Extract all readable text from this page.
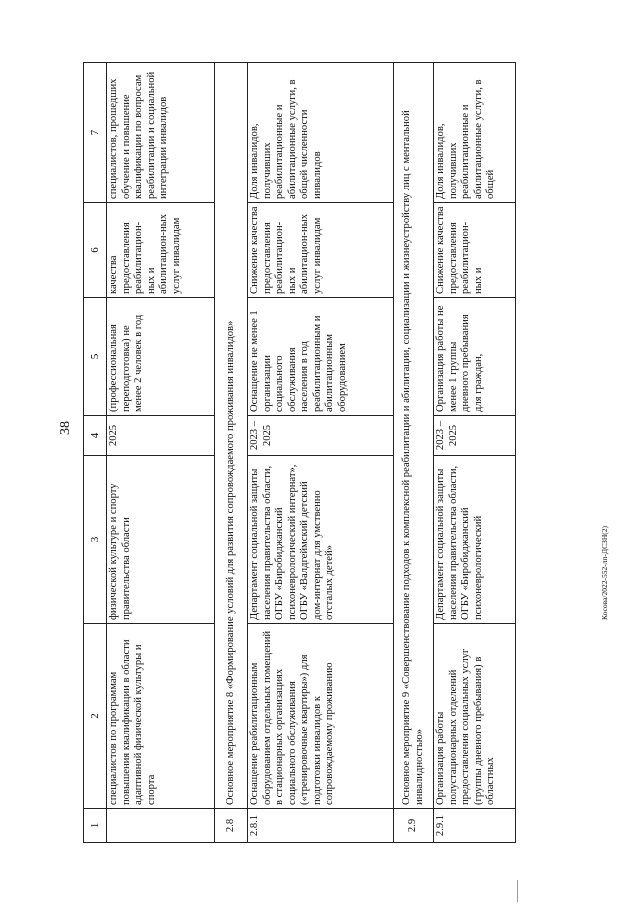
38
Косова/2022-552-лп-ДСЗН(2)
1	2	3	4	5	6	7
	специалистов по программам повышения квалификации в области адаптивной физической культуры и спорта	физической культуре и спорту правительства области	2025	(профессиональная переподготовка) не менее 2 человек в год	качества предоставления реабилитацион-ных и абилитацион-ных услуг инвалидам	специалистов, прошедших обучение и повышение квалификации по вопросам реабилитации и социальной интеграции инвалидов
2.8	Основное мероприятие 8 «Формирование условий для развития сопровождаемого проживания инвалидов»					
2.8.1	Оснащение реабилитационным оборудованием отдельных помещений в стационарных организациях социального обслуживания («тренировочные квартиры») для подготовки инвалидов к сопровождаемому проживанию	Департамент социальной защиты населения правительства области, ОГБУ «Биробиджанский психоневрологический интернат», ОГБУ «Валдгеймский детский дом-интернат для умственно отсталых детей»	2023 – 2025	Оснащение не менее 1 организации социального обслуживания населения в год реабилитационным и абилитационным оборудованием	Снижение качества предоставления реабилитацион-ных и абилитацион-ных услуг инвалидам	Доля инвалидов, получивших реабилитационные и абилитационные услуги, в общей численности инвалидов
2.9	Основное мероприятие 9 «Совершенствование подходов к комплексной реабилитации и абилитации, социализации и жизнеустройству лиц с ментальной инвалидностью»					
2.9.1	Организация работы полустационарных отделений предоставления социальных услуг (группы дневного пребывания) в областных	Департамент социальной защиты населения правительства области, ОГБУ «Биробиджанский психоневрологический	2023 – 2025	Организация работы не менее 1 группы дневного пребывания для граждан,	Снижение качества предоставления реабилитацион-ных и	Доля инвалидов, получивших реабилитационные и абилитационные услуги, в общей
